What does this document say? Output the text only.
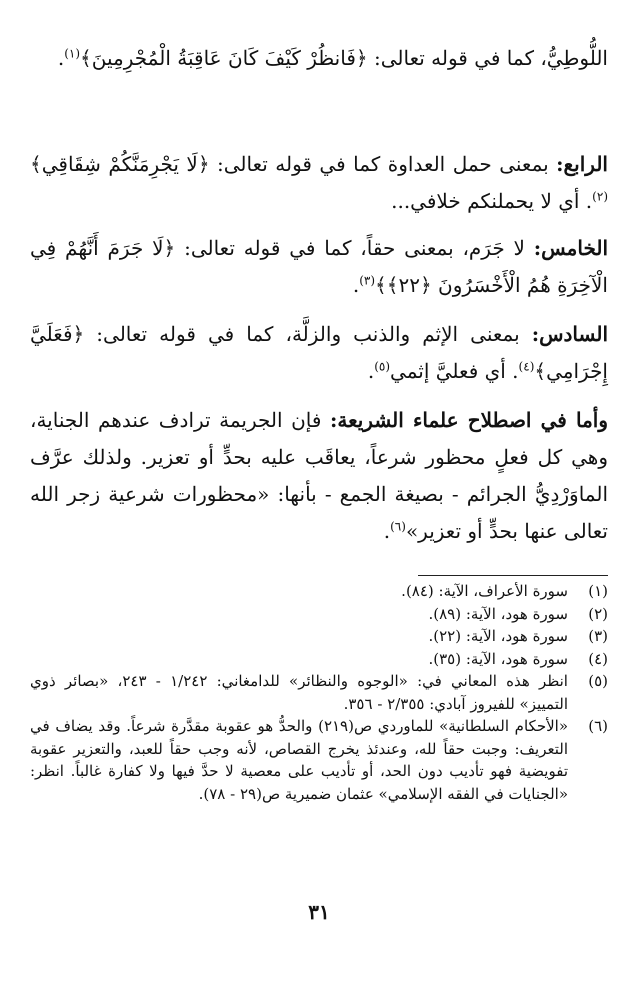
اللُّوطِيُّ، كما في قوله تعالى: ﴿فَانظُرْ كَيْفَ كَانَ عَاقِبَةُ الْمُجْرِمِينَ﴾$^{(١)}$.

الرابع: بمعنى حمل العداوة كما في قوله تعالى: ﴿لَا يَجْرِمَنَّكُمْ شِقَاقِي﴾$^{(٢)}$. أي لا يحملنكم خلافي...

الخامس: لا جَرَم، بمعنى حقاً، كما في قوله تعالى: ﴿لَا جَرَمَ أَنَّهُمْ فِي الْآخِرَةِ هُمُ الْأَخْسَرُونَ ﴿٢٢﴾﴾$^{(٣)}$.

السادس: بمعنى الإثم والذنب والزلَّة، كما في قوله تعالى: ﴿فَعَلَيَّ إِجْرَامِي﴾$^{(٤)}$. أي فعليَّ إثمي$^{(٥)}$.

وأما في اصطلاح علماء الشريعة: فإن الجريمة ترادف عندهم الجناية، وهي كل فعلٍ محظور شرعاً، يعاقَب عليه بحدٍّ أو تعزير. ولذلك عرَّف الماوَرْدِيُّ الجرائم - بصيغة الجمع - بأنها: «محظورات شرعية زجر الله تعالى عنها بحدٍّ أو تعزير»$^{(٦)}$.

(١)
سورة الأعراف، الآية: (٨٤).
(٢)
سورة هود، الآية: (٨٩).
(٣)
سورة هود، الآية: (٢٢).
(٤)
سورة هود، الآية: (٣٥).
(٥)
انظر هذه المعاني في: «الوجوه والنظائر» للدامغاني: ١/٢٤٢ - ٢٤٣، «بصائر ذوي التمييز» للفيروز آبادي: ٢/٣٥٥ - ٣٥٦.
(٦)
«الأحكام السلطانية» للماوردي ص(٢١٩) والحدُّ هو عقوبة مقدَّرة شرعاً. وقد يضاف في التعريف: وجبت حقاً لله، وعندئذ يخرج القصاص، لأنه وجب حقاً للعبد، والتعزير عقوبة تفويضية فهو تأديب دون الحد، أو تأديب على معصية لا حدَّ فيها ولا كفارة غالباً. انظر: «الجنايات في الفقه الإسلامي» عثمان ضميرية ص(٢٩ - ٧٨).
٣١
